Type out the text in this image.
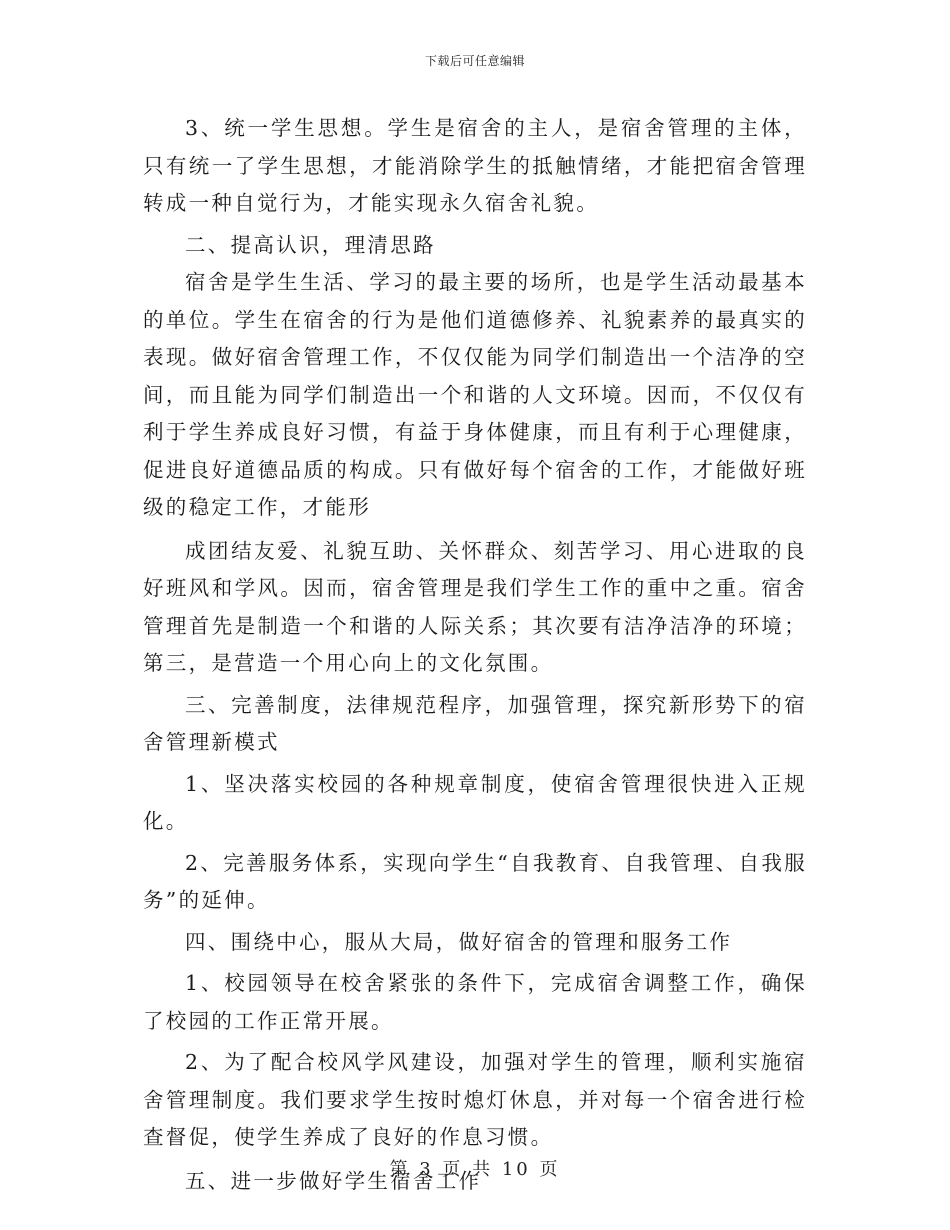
下载后可任意编辑

3、统一学生思想。学生是宿舍的主人，是宿舍管理的主体，只有统一了学生思想，才能消除学生的抵触情绪，才能把宿舍管理转成一种自觉行为，才能实现永久宿舍礼貌。

二、提高认识，理清思路

宿舍是学生生活、学习的最主要的场所，也是学生活动最基本的单位。学生在宿舍的行为是他们道德修养、礼貌素养的最真实的表现。做好宿舍管理工作，不仅仅能为同学们制造出一个洁净的空间，而且能为同学们制造出一个和谐的人文环境。因而，不仅仅有利于学生养成良好习惯，有益于身体健康，而且有利于心理健康，促进良好道德品质的构成。只有做好每个宿舍的工作，才能做好班级的稳定工作，才能形

成团结友爱、礼貌互助、关怀群众、刻苦学习、用心进取的良好班风和学风。因而，宿舍管理是我们学生工作的重中之重。宿舍管理首先是制造一个和谐的人际关系；其次要有洁净洁净的环境；第三，是营造一个用心向上的文化氛围。

三、完善制度，法律规范程序，加强管理，探究新形势下的宿舍管理新模式

1、坚决落实校园的各种规章制度，使宿舍管理很快进入正规化。

2、完善服务体系，实现向学生“自我教育、自我管理、自我服务”的延伸。

四、围绕中心，服从大局，做好宿舍的管理和服务工作

1、校园领导在校舍紧张的条件下，完成宿舍调整工作，确保了校园的工作正常开展。

2、为了配合校风学风建设，加强对学生的管理，顺利实施宿舍管理制度。我们要求学生按时熄灯休息，并对每一个宿舍进行检查督促，使学生养成了良好的作息习惯。

五、进一步做好学生宿舍工作

第 3 页 共 10 页
